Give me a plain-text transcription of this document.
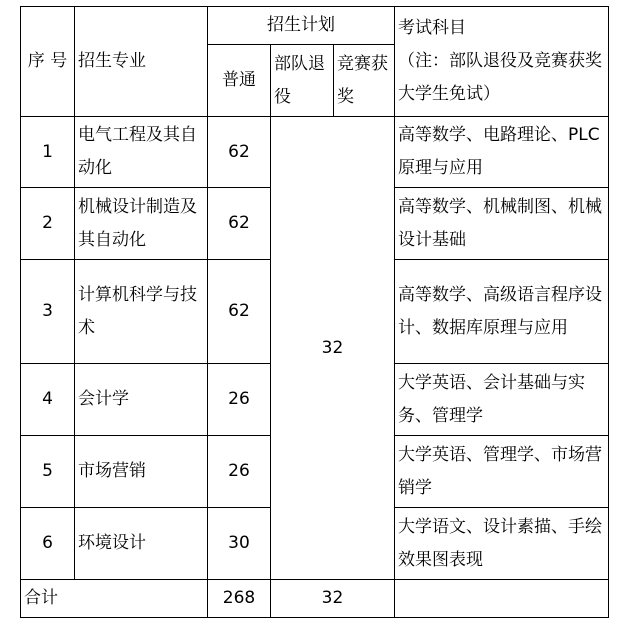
序 号	招生专业	招生计划			考试科目
（注：部队退役及竞赛获奖大学生免试）

		普通	部队退役	竞赛获奖	
1	电气工程及其自动化	62	32		高等数学、电路理论、PLC原理与应用
2	机械设计制造及其自动化	62			高等数学、机械制图、机械设计基础
3	计算机科学与技术	62			高等数学、高级语言程序设计、数据库原理与应用
4	会计学	26			大学英语、会计基础与实务、管理学
5	市场营销	26			大学英语、管理学、市场营销学
6	环境设计	30			大学语文、设计素描、手绘效果图表现
合计		268	32		
